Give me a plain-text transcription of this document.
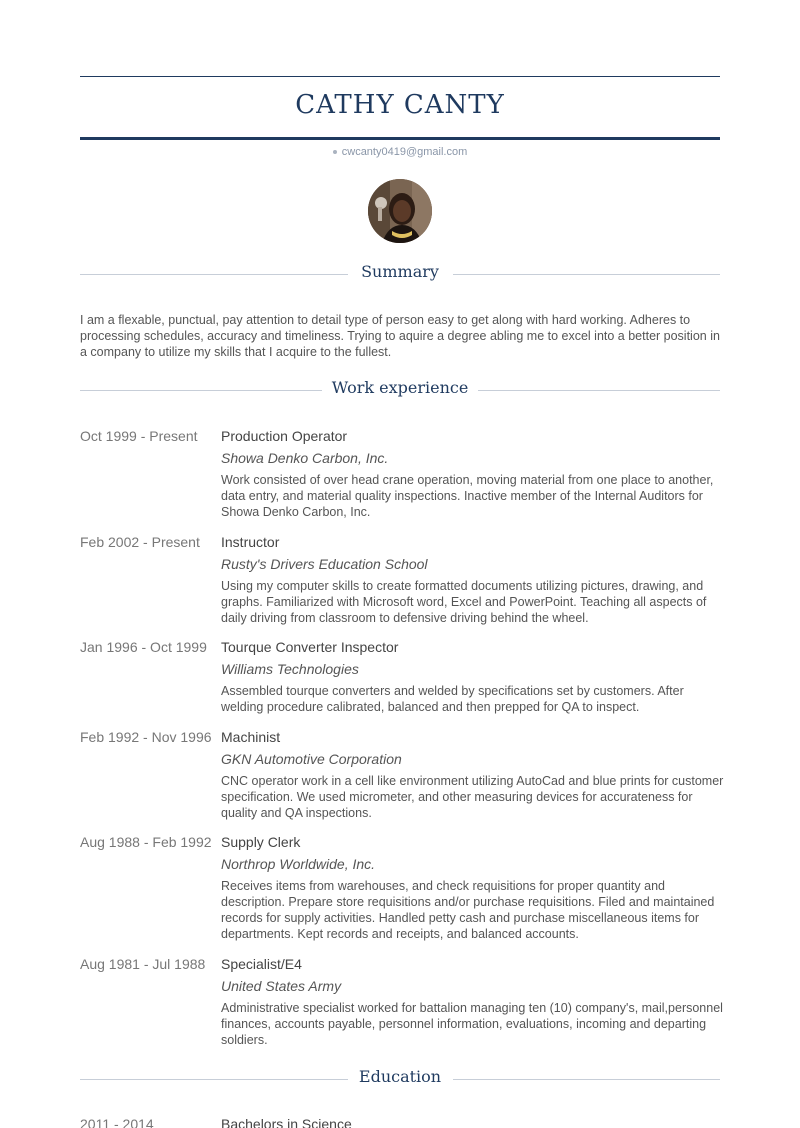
CATHY CANTY
cwcanty0419@gmail.com
Summary
I am a flexable, punctual, pay attention to detail type of person easy to get along with hard working. Adheres to processing schedules, accuracy and timeliness. Trying to aquire a degree abling me to excel into a better position in a company to utilize my skills that I acquire to the fullest.
Work experience
Oct 1999 - Present Production Operator
Showa Denko Carbon, Inc.
Work consisted of over head crane operation, moving material from one place to another, data entry, and material quality inspections. Inactive member of the Internal Auditors for Showa Denko Carbon, Inc.
Feb 2002 - Present Instructor
Rusty's Drivers Education School
Using my computer skills to create formatted documents utilizing pictures, drawing, and graphs. Familiarized with Microsoft word, Excel and PowerPoint. Teaching all aspects of daily driving from classroom to defensive driving behind the wheel.
Jan 1996 - Oct 1999 Tourque Converter Inspector
Williams Technologies
Assembled tourque converters and welded by specifications set by customers. After welding procedure calibrated, balanced and then prepped for QA to inspect.
Feb 1992 - Nov 1996 Machinist
GKN Automotive Corporation
CNC operator work in a cell like environment utilizing AutoCad and blue prints for customer specification. We used micrometer, and other measuring devices for accurateness for quality and QA inspections.
Aug 1988 - Feb 1992 Supply Clerk
Northrop Worldwide, Inc.
Receives items from warehouses, and check requisitions for proper quantity and description. Prepare store requisitions and/or purchase requisitions. Filed and maintained records for supply activities. Handled petty cash and purchase miscellaneous items for departments. Kept records and receipts, and balanced accounts.
Aug 1981 - Jul 1988 Specialist/E4
United States Army
Administrative specialist worked for battalion managing ten (10) company's, mail,personnel finances, accounts payable, personnel information, evaluations, incoming and departing soldiers.
Education
2011 - 2014	Bachelors in Science
